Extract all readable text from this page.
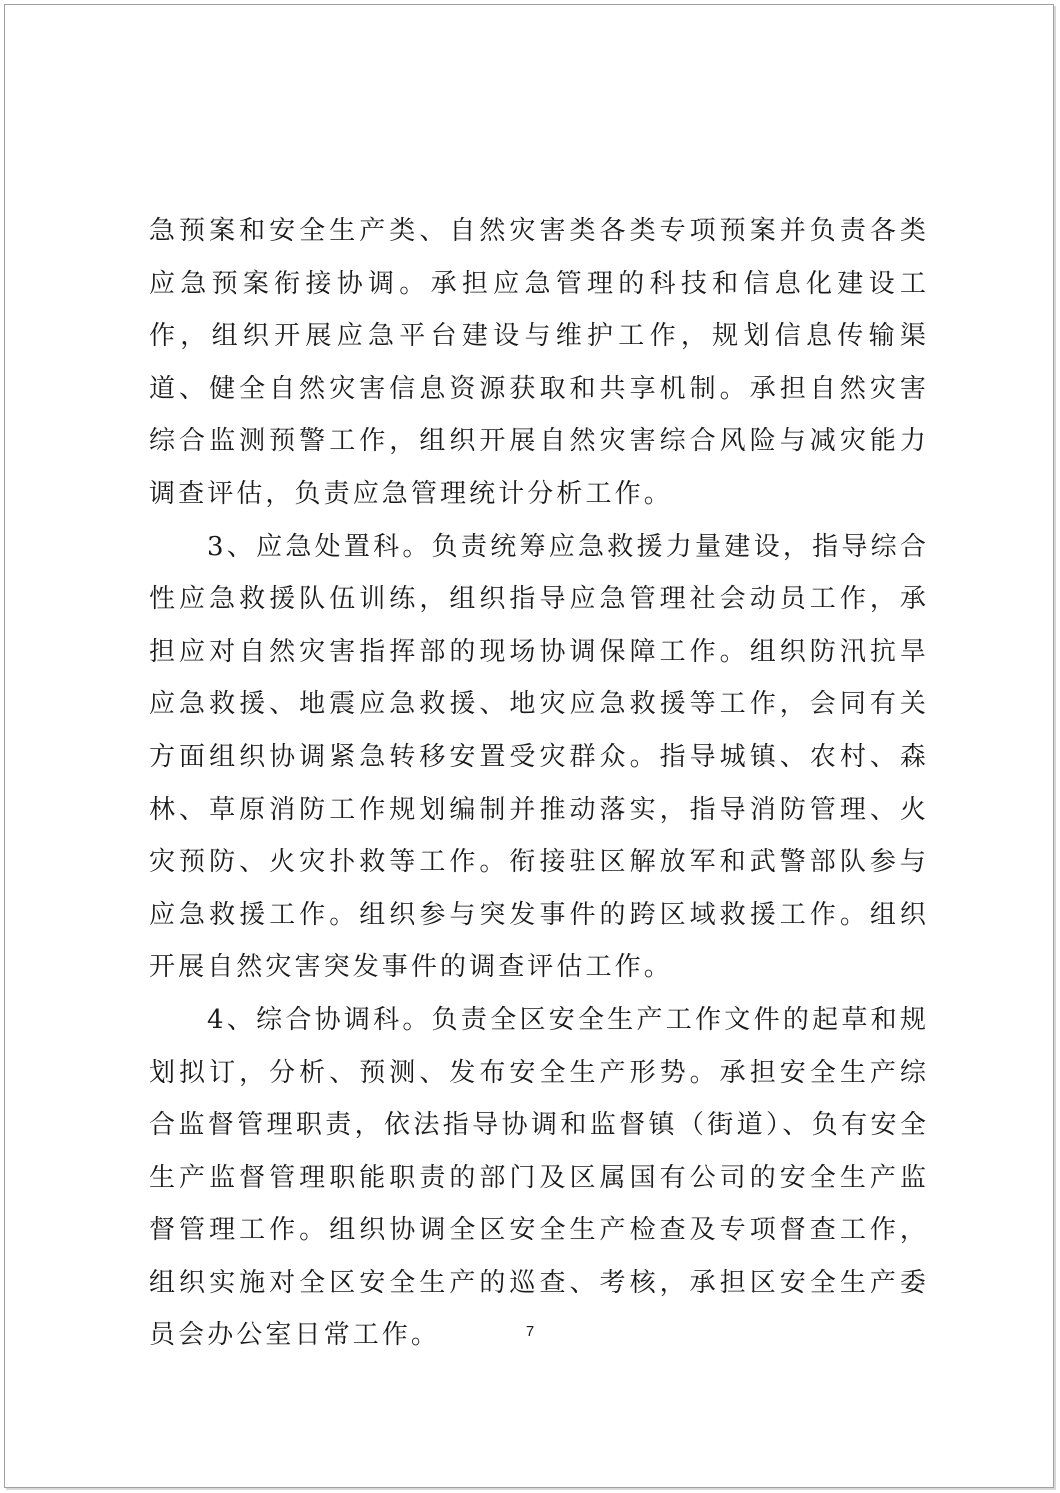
急预案和安全生产类、自然灾害类各类专项预案并负责各类应急预案衔接协调。承担应急管理的科技和信息化建设工作，组织开展应急平台建设与维护工作，规划信息传输渠道、健全自然灾害信息资源获取和共享机制。承担自然灾害综合监测预警工作，组织开展自然灾害综合风险与减灾能力调查评估，负责应急管理统计分析工作。

3、应急处置科。负责统筹应急救援力量建设，指导综合性应急救援队伍训练，组织指导应急管理社会动员工作，承担应对自然灾害指挥部的现场协调保障工作。组织防汛抗旱应急救援、地震应急救援、地灾应急救援等工作，会同有关方面组织协调紧急转移安置受灾群众。指导城镇、农村、森林、草原消防工作规划编制并推动落实，指导消防管理、火灾预防、火灾扑救等工作。衔接驻区解放军和武警部队参与应急救援工作。组织参与突发事件的跨区域救援工作。组织开展自然灾害突发事件的调查评估工作。

4、综合协调科。负责全区安全生产工作文件的起草和规划拟订，分析、预测、发布安全生产形势。承担安全生产综合监督管理职责，依法指导协调和监督镇（街道）、负有安全生产监督管理职能职责的部门及区属国有公司的安全生产监督管理工作。组织协调全区安全生产检查及专项督查工作，组织实施对全区安全生产的巡查、考核，承担区安全生产委员会办公室日常工作。	7
